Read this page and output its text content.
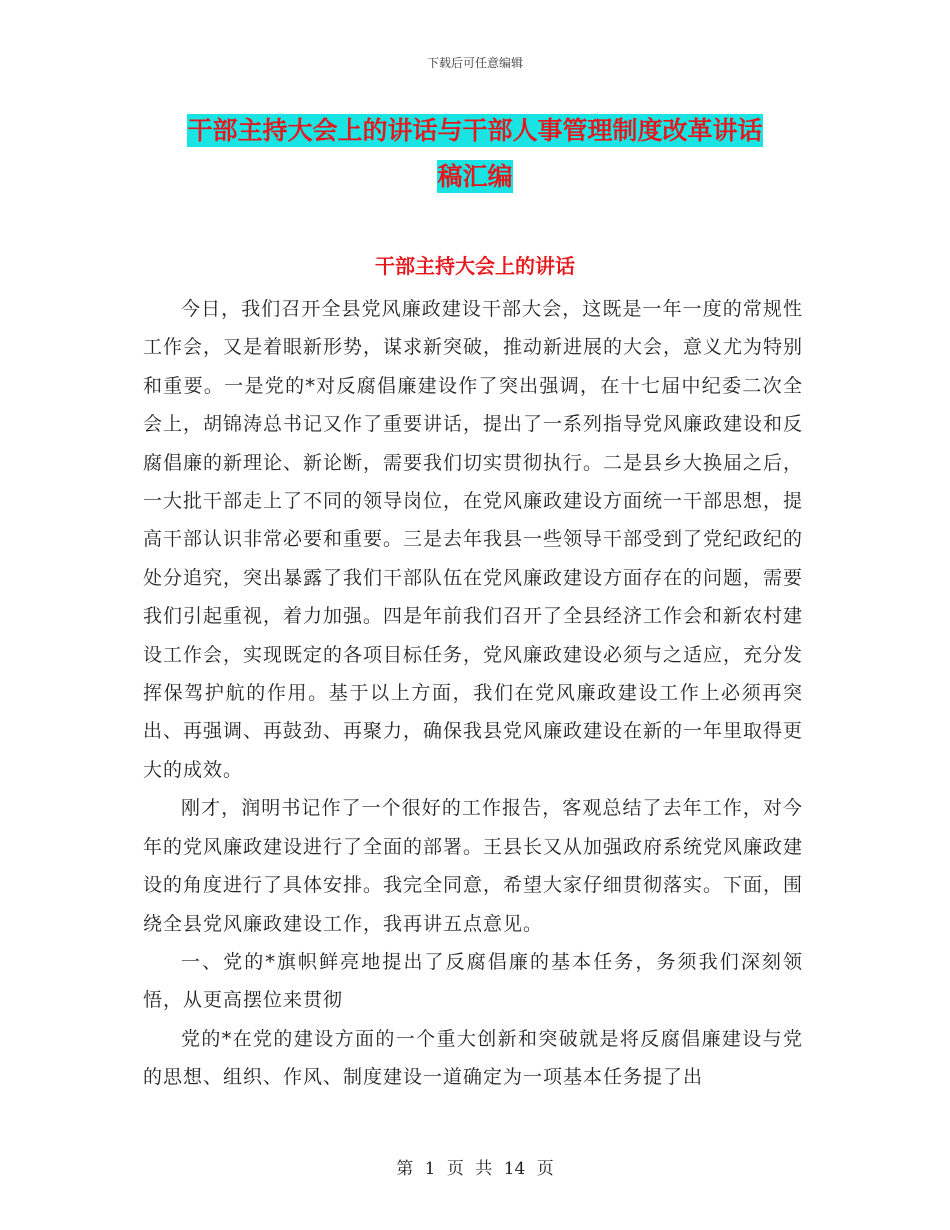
下载后可任意编辑
干部主持大会上的讲话与干部人事管理制度改革讲话
稿汇编
干部主持大会上的讲话

今日，我们召开全县党风廉政建设干部大会，这既是一年一度的常规性工作会，又是着眼新形势，谋求新突破，推动新进展的大会，意义尤为特别和重要。一是党的*对反腐倡廉建设作了突出强调，在十七届中纪委二次全会上，胡锦涛总书记又作了重要讲话，提出了一系列指导党风廉政建设和反腐倡廉的新理论、新论断，需要我们切实贯彻执行。二是县乡大换届之后，一大批干部走上了不同的领导岗位，在党风廉政建设方面统一干部思想，提高干部认识非常必要和重要。三是去年我县一些领导干部受到了党纪政纪的处分追究，突出暴露了我们干部队伍在党风廉政建设方面存在的问题，需要我们引起重视，着力加强。四是年前我们召开了全县经济工作会和新农村建设工作会，实现既定的各项目标任务，党风廉政建设必须与之适应，充分发挥保驾护航的作用。基于以上方面，我们在党风廉政建设工作上必须再突出、再强调、再鼓劲、再聚力，确保我县党风廉政建设在新的一年里取得更大的成效。

刚才，润明书记作了一个很好的工作报告，客观总结了去年工作，对今年的党风廉政建设进行了全面的部署。王县长又从加强政府系统党风廉政建设的角度进行了具体安排。我完全同意，希望大家仔细贯彻落实。下面，围绕全县党风廉政建设工作，我再讲五点意见。

一、党的*旗帜鲜亮地提出了反腐倡廉的基本任务，务须我们深刻领悟，从更高摆位来贯彻

党的*在党的建设方面的一个重大创新和突破就是将反腐倡廉建设与党的思想、组织、作风、制度建设一道确定为一项基本任务提了出

第 1 页 共 14 页
